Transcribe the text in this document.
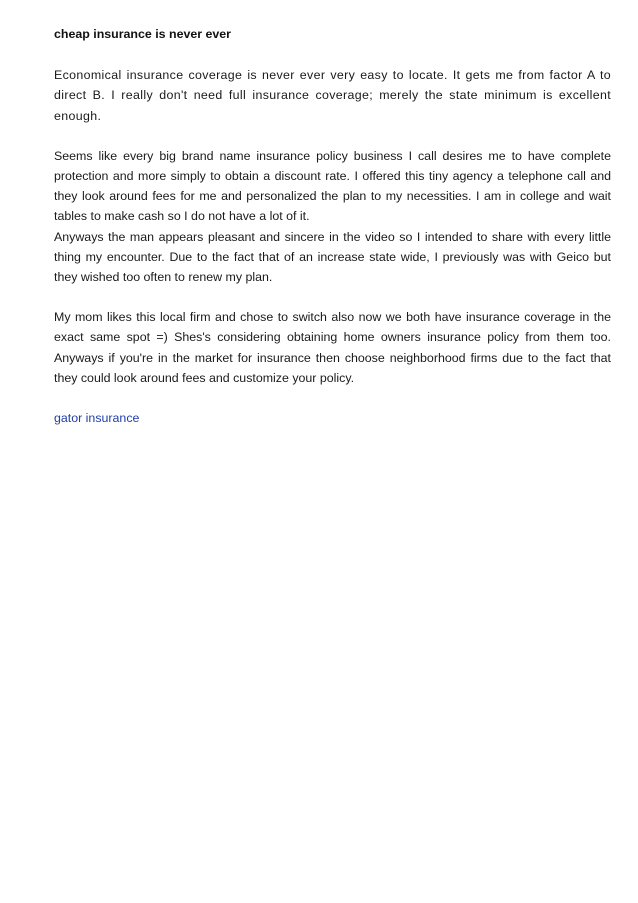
cheap insurance is never ever

Economical insurance coverage is never ever very easy to locate. It gets me from factor A to direct B. I really don't need full insurance coverage; merely the state minimum is excellent enough.

Seems like every big brand name insurance policy business I call desires me to have complete protection and more simply to obtain a discount rate. I offered this tiny agency a telephone call and they look around fees for me and personalized the plan to my necessities. I am in college and wait tables to make cash so I do not have a lot of it.

Anyways the man appears pleasant and sincere in the video so I intended to share with every little thing my encounter. Due to the fact that of an increase state wide, I previously was with Geico but they wished too often to renew my plan.

My mom likes this local firm and chose to switch also now we both have insurance coverage in the exact same spot =) Shes's considering obtaining home owners insurance policy from them too. Anyways if you're in the market for insurance then choose neighborhood firms due to the fact that they could look around fees and customize your policy.

gator insurance
